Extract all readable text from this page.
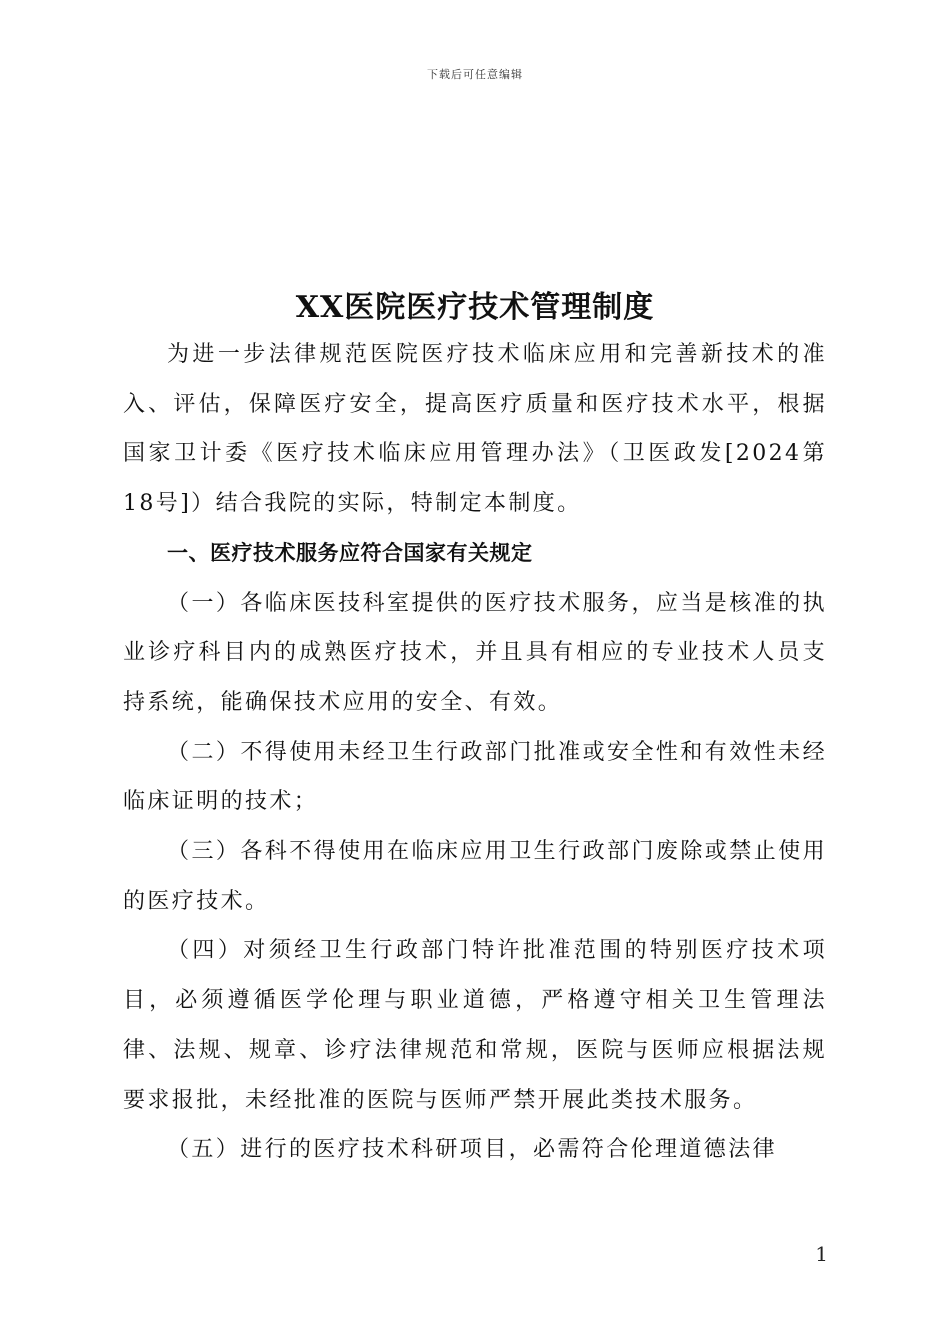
下载后可任意编辑
XX医院医疗技术管理制度

为进一步法律规范医院医疗技术临床应用和完善新技术的准入、评估，保障医疗安全，提高医疗质量和医疗技术水平，根据国家卫计委《医疗技术临床应用管理办法》（卫医政发[2024第18号]）结合我院的实际，特制定本制度。

一、医疗技术服务应符合国家有关规定

（一）各临床医技科室提供的医疗技术服务，应当是核准的执业诊疗科目内的成熟医疗技术，并且具有相应的专业技术人员支持系统，能确保技术应用的安全、有效。

（二）不得使用未经卫生行政部门批准或安全性和有效性未经临床证明的技术；

（三）各科不得使用在临床应用卫生行政部门废除或禁止使用的医疗技术。

（四）对须经卫生行政部门特许批准范围的特别医疗技术项目，必须遵循医学伦理与职业道德，严格遵守相关卫生管理法律、法规、规章、诊疗法律规范和常规，医院与医师应根据法规要求报批，未经批准的医院与医师严禁开展此类技术服务。

（五）进行的医疗技术科研项目，必需符合伦理道德法律

1
